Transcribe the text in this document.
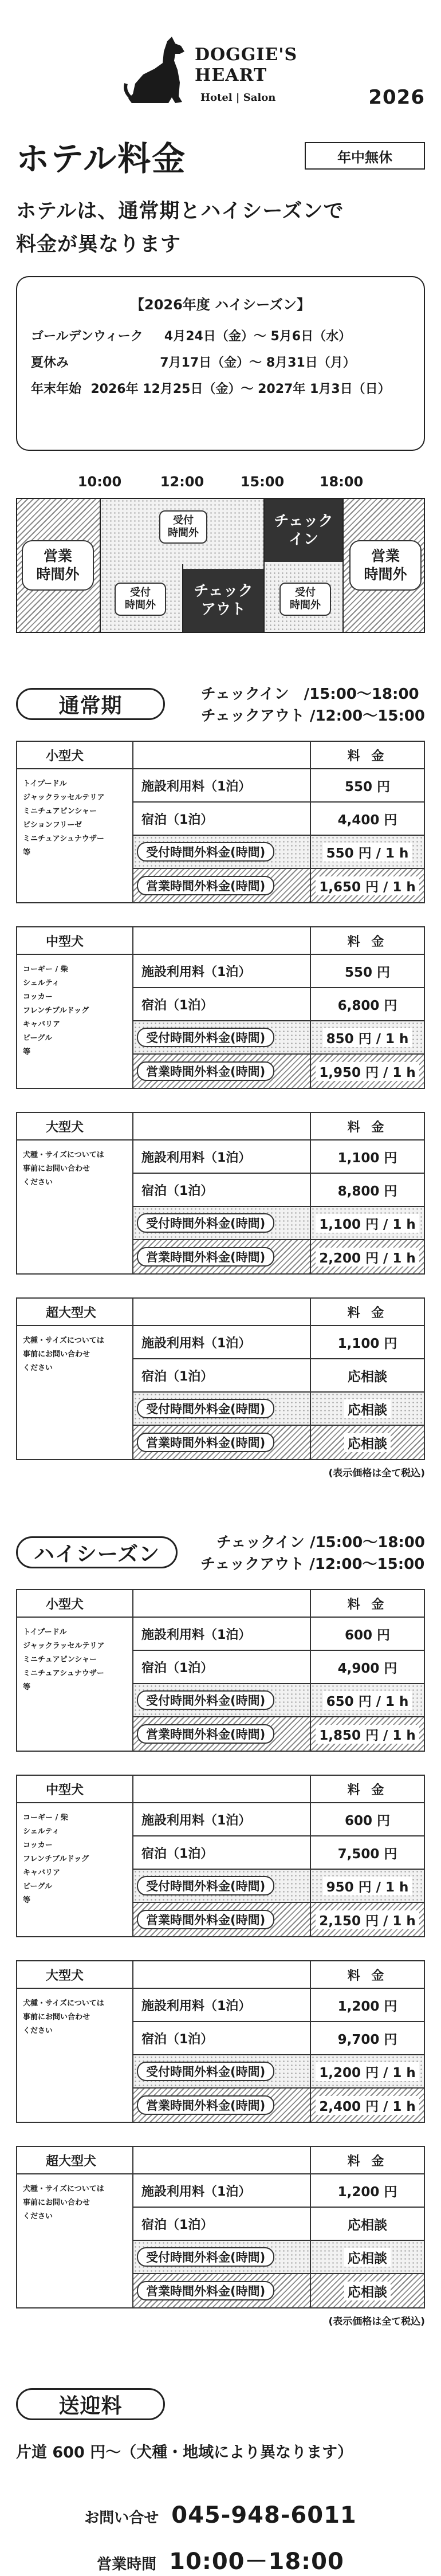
DOGGIE'S
HEART
Hotel | Salon	2026
ホテル料金	年中無休
ホテルは、通常期とハイシーズンで
料金が異なります
【2026年度 ハイシーズン】
ゴールデンウィーク	4月24日（金）～ 5月6日（水）
夏休み	7月17日（金）～ 8月31日（月）
年末年始 2026年 12月25日（金）～ 2027年 1月3日（日）
10:00	12:00	15:00	18:00
営業
時間外
営業
時間外
受付
時間外
受付
時間外
受付
時間外
チェック
アウト
チェック
イン
通常期	チェックイン　/15:00～18:00
チェックアウト /12:00～15:00
小型犬	料 金
トイプードル
ジャックラッセルテリア
ミニチュアピンシャー
ビションフリーゼ
ミニチュアシュナウザー
等
施設利用料（1泊）	550 円
宿泊（1泊）	4,400 円
受付時間外料金(時間)	550 円 / 1 h
営業時間外料金(時間)	1,650 円 / 1 h
中型犬	料 金
コーギー / 柴
シェルティ
コッカー
フレンチブルドッグ
キャバリア
ビーグル
等
施設利用料（1泊）	550 円
宿泊（1泊）	6,800 円
受付時間外料金(時間)	850 円 / 1 h
営業時間外料金(時間)	1,950 円 / 1 h
大型犬	料 金
犬種・サイズについては
事前にお問い合わせ
ください
施設利用料（1泊）	1,100 円
宿泊（1泊）	8,800 円
受付時間外料金(時間)	1,100 円 / 1 h
営業時間外料金(時間)	2,200 円 / 1 h
超大型犬	料 金
犬種・サイズについては
事前にお問い合わせ
ください
施設利用料（1泊）	1,100 円
宿泊（1泊）	応相談
受付時間外料金(時間)	応相談
営業時間外料金(時間)	応相談
(表示価格は全て税込)
ハイシーズン	チェックイン /15:00～18:00
チェックアウト /12:00～15:00
小型犬	料 金
トイプードル
ジャックラッセルテリア
ミニチュアピンシャー
ミニチュアシュナウザー
等
施設利用料（1泊）	600 円
宿泊（1泊）	4,900 円
受付時間外料金(時間)	650 円 / 1 h
営業時間外料金(時間)	1,850 円 / 1 h
中型犬	料 金
コーギー / 柴
シェルティ
コッカー
フレンチブルドッグ
キャバリア
ビーグル
等
施設利用料（1泊）	600 円
宿泊（1泊）	7,500 円
受付時間外料金(時間)	950 円 / 1 h
営業時間外料金(時間)	2,150 円 / 1 h
大型犬	料 金
犬種・サイズについては
事前にお問い合わせ
ください
施設利用料（1泊）	1,200 円
宿泊（1泊）	9,700 円
受付時間外料金(時間)	1,200 円 / 1 h
営業時間外料金(時間)	2,400 円 / 1 h
超大型犬	料 金
犬種・サイズについては
事前にお問い合わせ
ください
施設利用料（1泊）	1,200 円
宿泊（1泊）	応相談
受付時間外料金(時間)	応相談
営業時間外料金(時間)	応相談
(表示価格は全て税込)
送迎料
片道 600 円～（犬種・地域により異なります）
お問い合せ 045-948-6011
営業時間 10:00－18:00
